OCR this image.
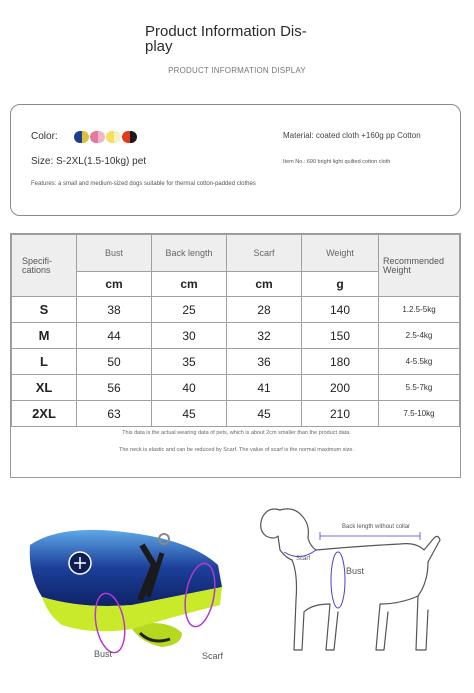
Product Information Dis- play
PRODUCT INFORMATION DISPLAY
Color:
Size: S-2XL(1.5-10kg) pet
Features: a small and medium-sized dogs suitable for thermal cotton-padded clothes
Material: coated cloth +160g pp Cotton
Item No.: 690 bright light quilted cotton cloth
Specifi- cations	Bust	Back length	Scarf	Weight	Recommended Weight
	cm	cm	cm	g	
S	38	25	28	140	1.2.5-5kg
M	44	30	32	150	2.5-4kg
L	50	35	36	180	4-5.5kg
XL	56	40	41	200	5.5-7kg
2XL	63	45	45	210	7.5-10kg

This data is the actual wearing data of pets, which is about 2cm smaller than the product data.

The neck is elastic and can be reduced by Scarf. The value of scarf is the normal maximum size.

Bust	Scarf
Back length without collar
Scarf
Bust
